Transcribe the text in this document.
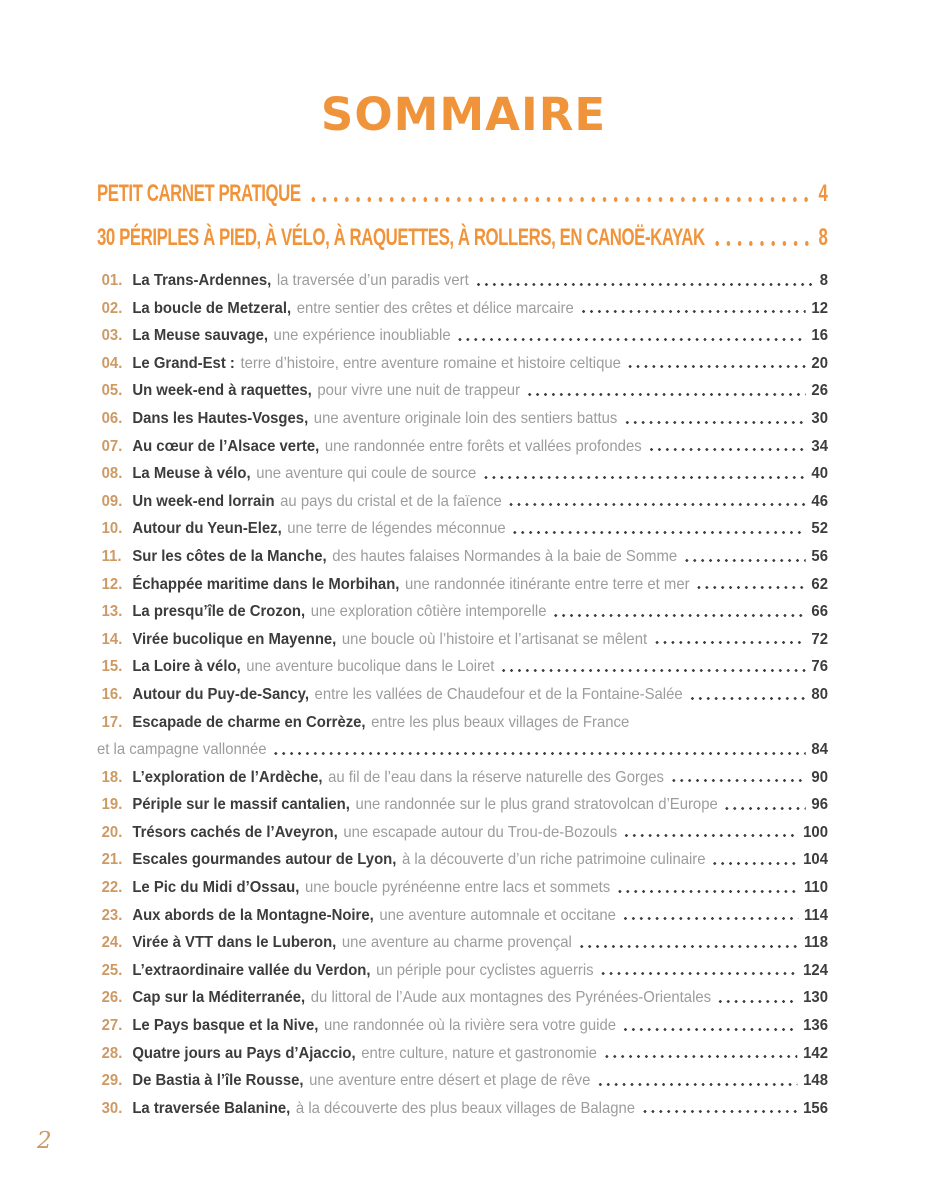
SOMMAIRE
PETIT CARNET PRATIQUE	4
30 PÉRIPLES À PIED, À VÉLO, À RAQUETTES, À ROLLERS, EN CANOË-KAYAK	8
01. La Trans-Ardennes, la traversée d’un paradis vert	8
02. La boucle de Metzeral, entre sentier des crêtes et délice marcaire	12
03. La Meuse sauvage, une expérience inoubliable	16
04. Le Grand-Est : terre d’histoire, entre aventure romaine et histoire celtique	20
05. Un week-end à raquettes, pour vivre une nuit de trappeur	26
06. Dans les Hautes-Vosges, une aventure originale loin des sentiers battus	30
07. Au cœur de l’Alsace verte, une randonnée entre forêts et vallées profondes	34
08. La Meuse à vélo, une aventure qui coule de source	40
09. Un week-end lorrain au pays du cristal et de la faïence	46
10. Autour du Yeun-Elez, une terre de légendes méconnue	52
11. Sur les côtes de la Manche, des hautes falaises Normandes à la baie de Somme	56
12. Échappée maritime dans le Morbihan, une randonnée itinérante entre terre et mer	62
13. La presqu’île de Crozon, une exploration côtière intemporelle	66
14. Virée bucolique en Mayenne, une boucle où l’histoire et l’artisanat se mêlent	72
15. La Loire à vélo, une aventure bucolique dans le Loiret	76
16. Autour du Puy-de-Sancy, entre les vallées de Chaudefour et de la Fontaine-Salée	80
17. Escapade de charme en Corrèze, entre les plus beaux villages de France
et la campagne vallonnée	84
18. L’exploration de l’Ardèche, au fil de l’eau dans la réserve naturelle des Gorges	90
19. Périple sur le massif cantalien, une randonnée sur le plus grand stratovolcan d’Europe	96
20. Trésors cachés de l’Aveyron, une escapade autour du Trou-de-Bozouls	100
21. Escales gourmandes autour de Lyon, à la découverte d’un riche patrimoine culinaire	104
22. Le Pic du Midi d’Ossau, une boucle pyrénéenne entre lacs et sommets	110
23. Aux abords de la Montagne-Noire, une aventure automnale et occitane	114
24. Virée à VTT dans le Luberon, une aventure au charme provençal	118
25. L’extraordinaire vallée du Verdon, un périple pour cyclistes aguerris	124
26. Cap sur la Méditerranée, du littoral de l’Aude aux montagnes des Pyrénées-Orientales	130
27. Le Pays basque et la Nive, une randonnée où la rivière sera votre guide	136
28. Quatre jours au Pays d’Ajaccio, entre culture, nature et gastronomie	142
29. De Bastia à l’île Rousse, une aventure entre désert et plage de rêve	148
30. La traversée Balanine, à la découverte des plus beaux villages de Balagne	156
2
